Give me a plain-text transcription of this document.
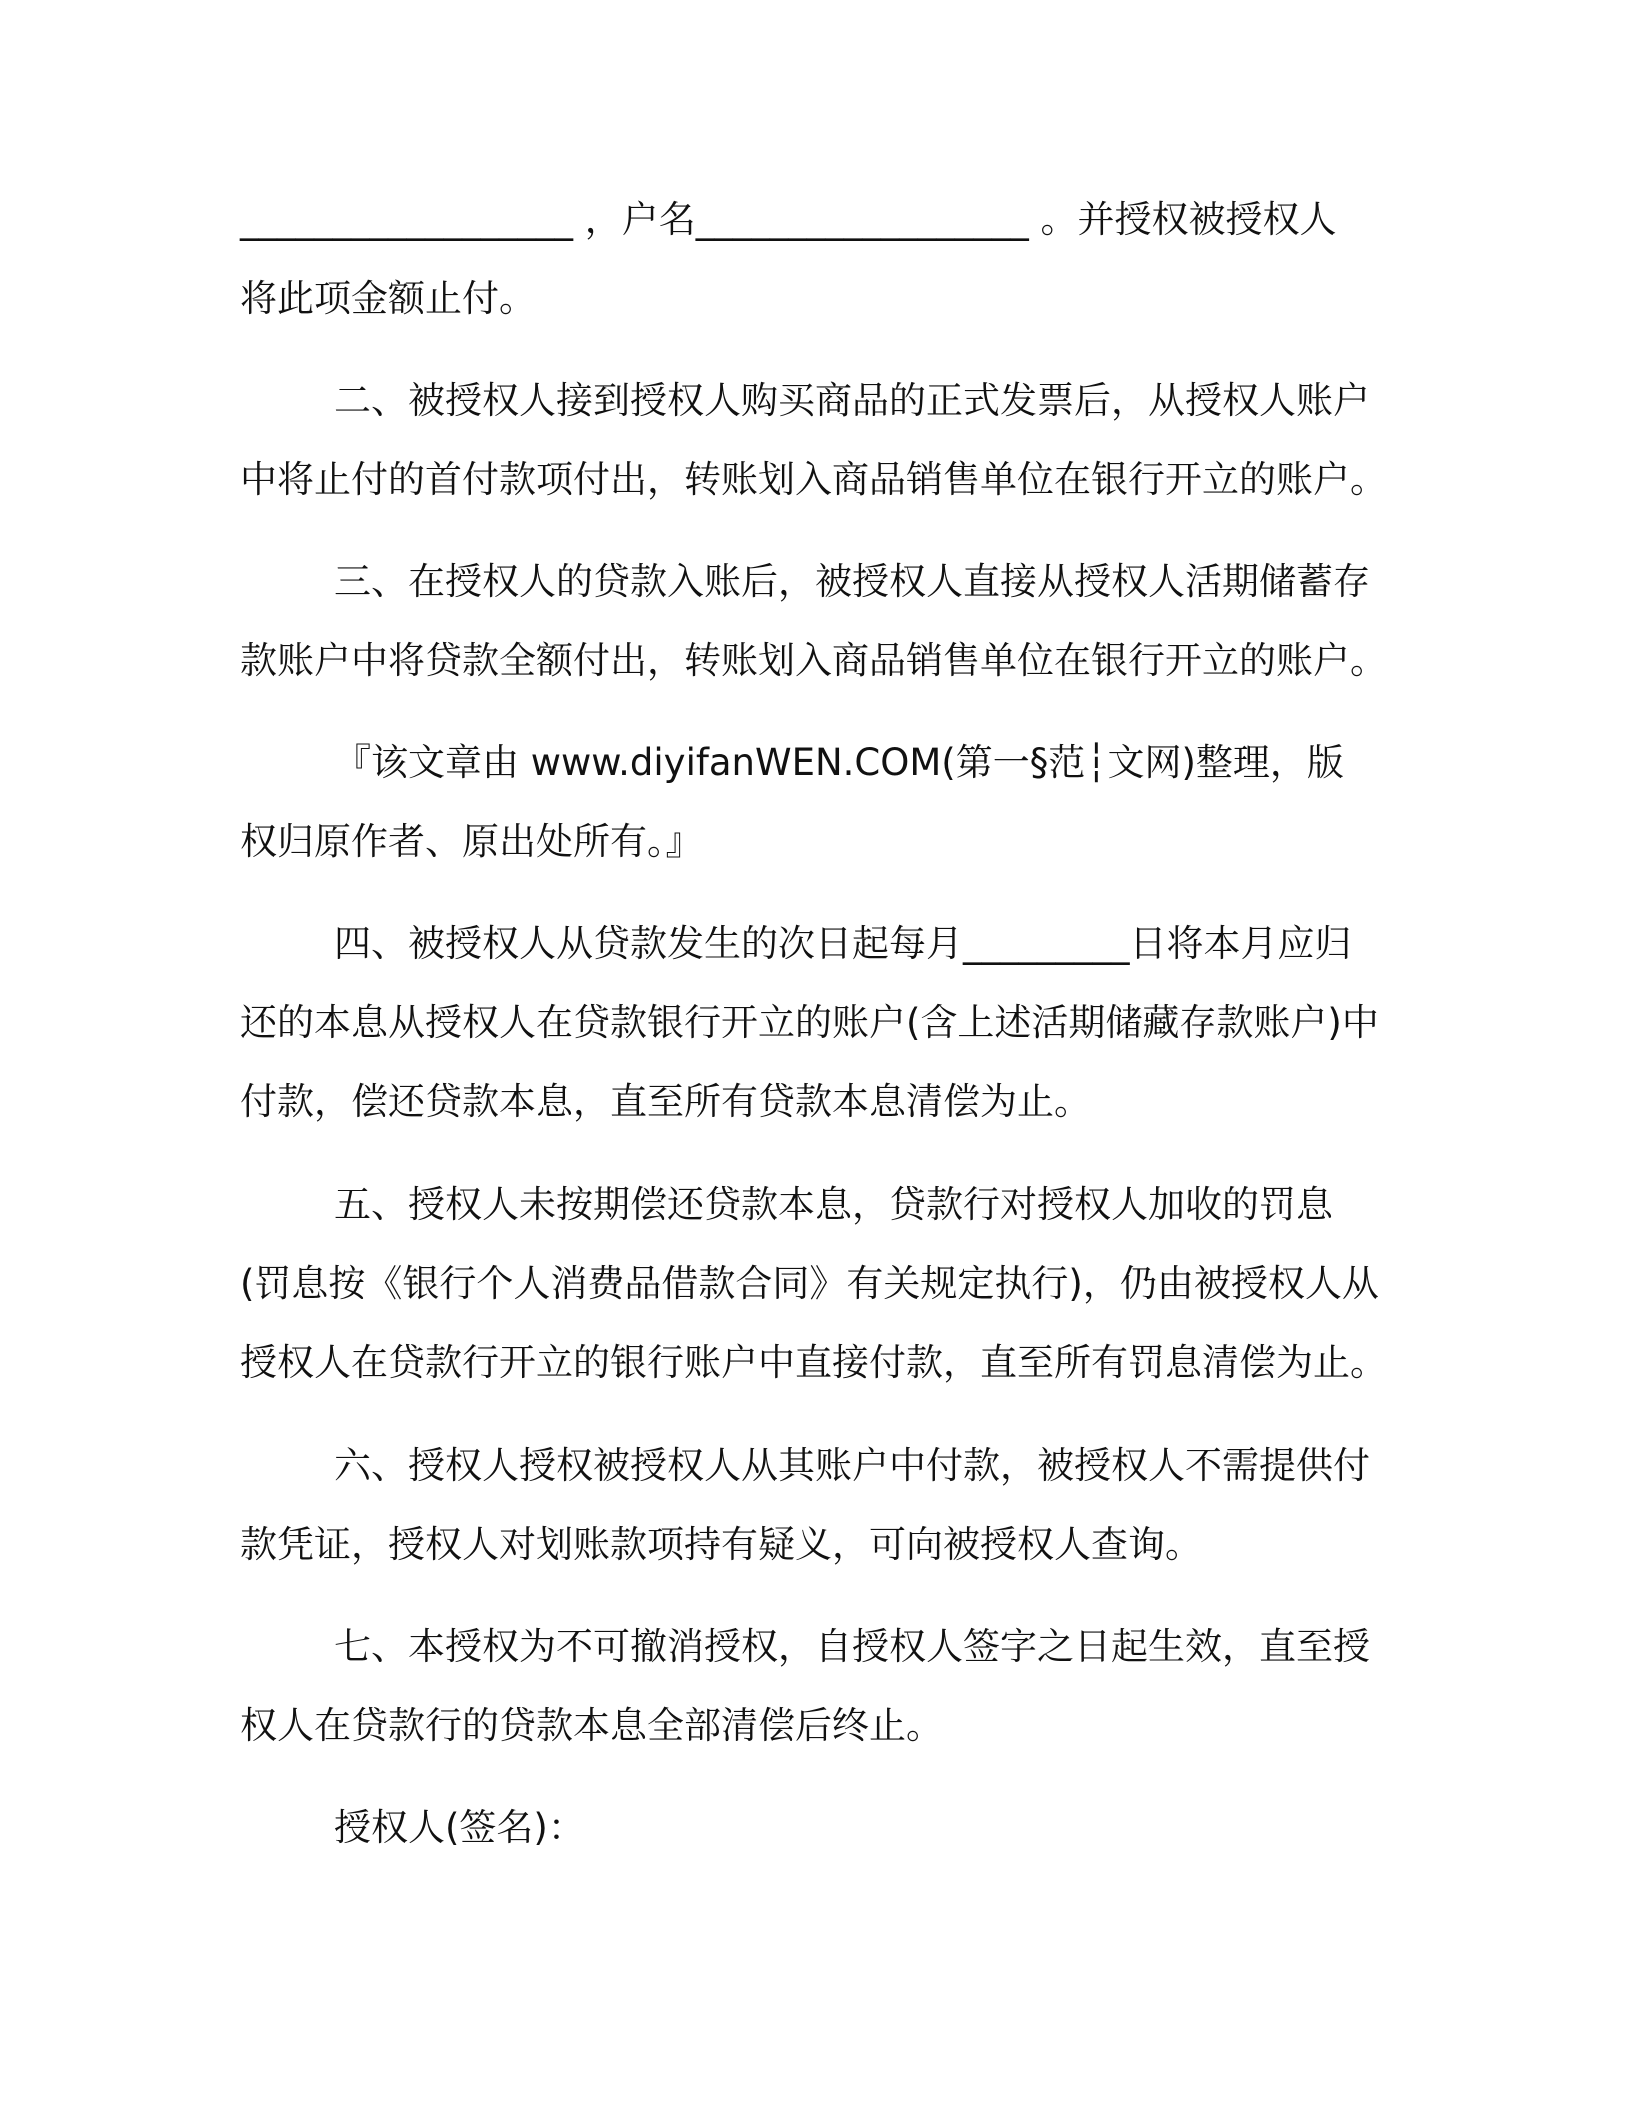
__________________ ，户名__________________ 。并授权被授权人
将此项金额止付。
二、被授权人接到授权人购买商品的正式发票后，从授权人账户
中将止付的首付款项付出，转账划入商品销售单位在银行开立的账户。
三、在授权人的贷款入账后，被授权人直接从授权人活期储蓄存
款账户中将贷款全额付出，转账划入商品销售单位在银行开立的账户。
『该文章由 www.diyifanWEN.COM(第一§范┆文网)整理，版
权归原作者、原出处所有。』
四、被授权人从贷款发生的次日起每月_________日将本月应归
还的本息从授权人在贷款银行开立的账户(含上述活期储藏存款账户)中
付款，偿还贷款本息，直至所有贷款本息清偿为止。
五、授权人未按期偿还贷款本息，贷款行对授权人加收的罚息
(罚息按《银行个人消费品借款合同》有关规定执行)，仍由被授权人从
授权人在贷款行开立的银行账户中直接付款，直至所有罚息清偿为止。
六、授权人授权被授权人从其账户中付款，被授权人不需提供付
款凭证，授权人对划账款项持有疑义，可向被授权人查询。
七、本授权为不可撤消授权，自授权人签字之日起生效，直至授
权人在贷款行的贷款本息全部清偿后终止。
授权人(签名)：
